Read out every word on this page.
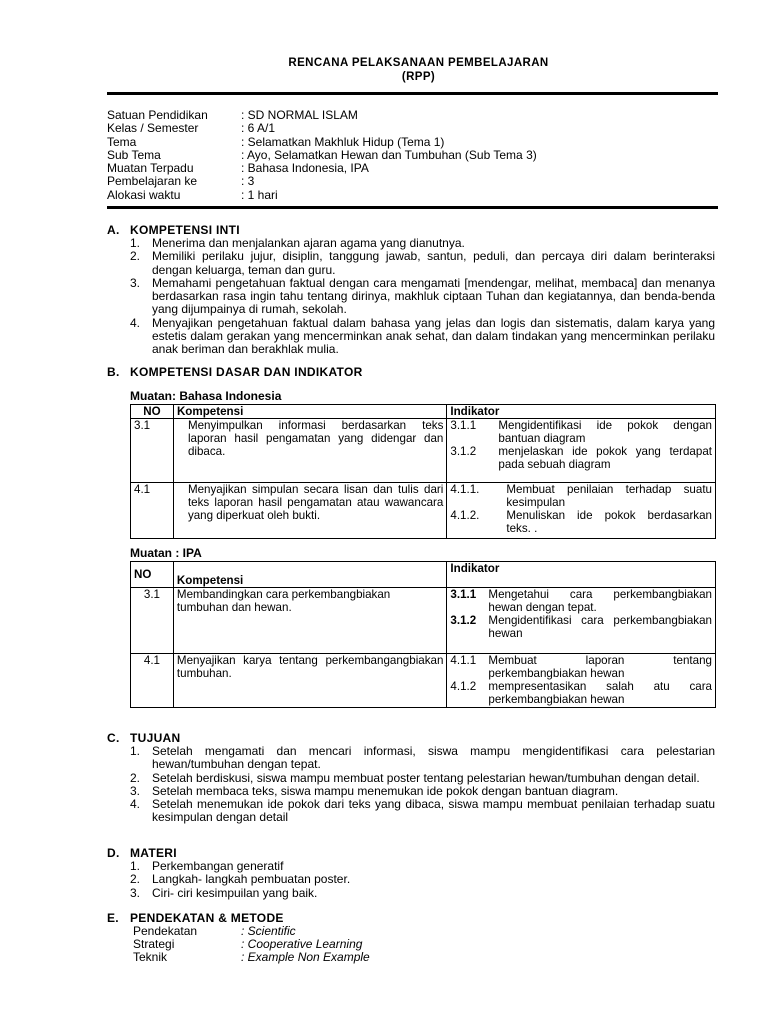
RENCANA PELAKSANAAN PEMBELAJARAN
(RPP)
Satuan Pendidikan	: SD NORMAL ISLAM
Kelas / Semester	: 6 A/1
Tema	: Selamatkan Makhluk Hidup (Tema 1)
Sub Tema	: Ayo, Selamatkan Hewan dan Tumbuhan (Sub Tema 3)
Muatan Terpadu	: Bahasa Indonesia, IPA
Pembelajaran ke	: 3
Alokasi waktu	: 1 hari
A. KOMPETENSI INTI
1. Menerima dan menjalankan ajaran agama yang dianutnya.
2. Memiliki perilaku jujur, disiplin, tanggung jawab, santun, peduli, dan percaya diri dalam berinteraksi dengan keluarga, teman dan guru.
3. Memahami pengetahuan faktual dengan cara mengamati [mendengar, melihat, membaca] dan menanya berdasarkan rasa ingin tahu tentang dirinya, makhluk ciptaan Tuhan dan kegiatannya, dan benda-benda yang dijumpainya di rumah, sekolah.
4. Menyajikan pengetahuan faktual dalam bahasa yang jelas dan logis dan sistematis, dalam karya yang estetis dalam gerakan yang mencerminkan anak sehat, dan dalam tindakan yang mencerminkan perilaku anak beriman dan berakhlak mulia.
B. KOMPETENSI DASAR DAN INDIKATOR
Muatan: Bahasa Indonesia
NO	Kompetensi	Indikator
3.1	Menyimpulkan informasi berdasarkan teks laporan hasil pengamatan yang didengar dan dibaca.	3.1.1 Mengidentifikasi ide pokok dengan bantuan diagram
3.1.2 menjelaskan ide pokok yang terdapat pada sebuah diagram

4.1	Menyajikan simpulan secara lisan dan tulis dari teks laporan hasil pengamatan atau wawancara yang diperkuat oleh bukti.	4.1.1. Membuat penilaian terhadap suatu kesimpulan
4.1.2. Menuliskan ide pokok berdasarkan teks. .
Muatan : IPA
NO	Kompetensi	Indikator
3.1	Membandingkan cara perkembangbiakan tumbuhan dan hewan.	3.1.1 Mengetahui cara perkembangbiakan hewan dengan tepat.
3.1.2 Mengidentifikasi cara perkembangbiakan hewan

4.1	Menyajikan karya tentang perkembangangbiakan tumbuhan.	4.1.1 Membuat laporan tentang perkembangbiakan hewan
4.1.2 mempresentasikan salah atu cara perkembangbiakan hewan
C. TUJUAN
1. Setelah mengamati dan mencari informasi, siswa mampu mengidentifikasi cara pelestarian hewan/tumbuhan dengan tepat.
2. Setelah berdiskusi, siswa mampu membuat poster tentang pelestarian hewan/tumbuhan dengan detail.
3. Setelah membaca teks, siswa mampu menemukan ide pokok dengan bantuan diagram.
4. Setelah menemukan ide pokok dari teks yang dibaca, siswa mampu membuat penilaian terhadap suatu kesimpulan dengan detail
D. MATERI
1. Perkembangan generatif
2. Langkah- langkah pembuatan poster.
3. Ciri- ciri kesimpuilan yang baik.
E. PENDEKATAN & METODE
Pendekatan	: Scientific
Strategi	: Cooperative Learning
Teknik	: Example Non Example
